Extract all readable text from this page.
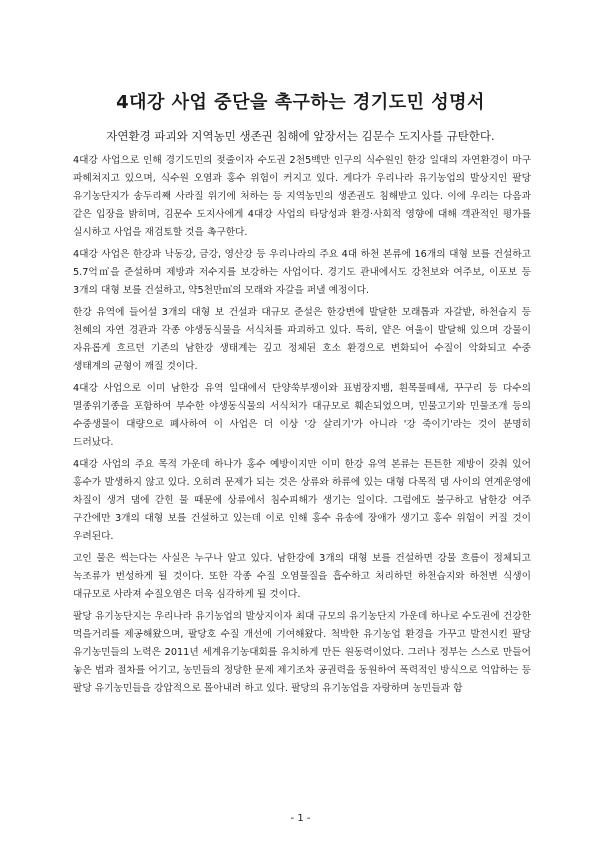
4대강 사업 중단을 촉구하는 경기도민 성명서

자연환경 파괴와 지역농민 생존권 침해에 앞장서는 김문수 도지사를 규탄한다.

4대강 사업으로 인해 경기도민의 젖줄이자 수도권 2천5백만 인구의 식수원인 한강 일대의 자연환경이 마구 파헤쳐지고 있으며, 식수원 오염과 홍수 위험이 커지고 있다. 게다가 우리나라 유기농업의 발상지인 팔당 유기농단지가 송두리째 사라질 위기에 처하는 등 지역농민의 생존권도 침해받고 있다. 이에 우리는 다음과 같은 입장을 밝히며, 김문수 도지사에게 4대강 사업의 타당성과 환경·사회적 영향에 대해 객관적인 평가를 실시하고 사업을 재검토할 것을 촉구한다.

4대강 사업은 한강과 낙동강, 금강, 영산강 등 우리나라의 주요 4대 하천 본류에 16개의 대형 보를 건설하고 5.7억㎥을 준설하며 제방과 저수지를 보강하는 사업이다. 경기도 관내에서도 강천보와 여주보, 이포보 등 3개의 대형 보를 건설하고, 약5천만㎥의 모래와 자갈을 퍼낼 예정이다.

한강 유역에 들어설 3개의 대형 보 건설과 대규모 준설은 한강변에 발달한 모래톱과 자갈밭, 하천습지 등 천혜의 자연 경관과 각종 야생동식물을 서식처를 파괴하고 있다. 특히, 얕은 여울이 발달해 있으며 강물이 자유롭게 흐르던 기존의 남한강 생태계는 깊고 정체된 호소 환경으로 변화되어 수질이 악화되고 수중 생태계의 균형이 깨질 것이다.

4대강 사업으로 이미 남한강 유역 일대에서 단양쑥부쟁이와 표범장지뱀, 흰목물떼새, 꾸구리 등 다수의 멸종위기종을 포함하여 부수한 야생동식물의 서식처가 대규모로 훼손되었으며, 민물고기와 민물조개 등의 수중생물이 대량으로 폐사하여 이 사업은 더 이상 '강 살리기'가 아니라 '강 죽이기'라는 것이 분명히 드러났다.

4대강 사업의 주요 목적 가운데 하나가 홍수 예방이지만 이미 한강 유역 본류는 튼튼한 제방이 갖춰 있어 홍수가 발생하지 않고 있다. 오히려 문제가 되는 것은 상류와 하류에 있는 대형 다목적 댐 사이의 연계운영에 차질이 생겨 댐에 갇힌 물 때문에 상류에서 침수피해가 생기는 일이다. 그럼에도 불구하고 남한강 여주 구간에만 3개의 대형 보를 건설하고 있는데 이로 인해 홍수 유송에 장애가 생기고 홍수 위험이 커질 것이 우려된다.

고인 물은 썩는다는 사실은 누구나 알고 있다. 남한강에 3개의 대형 보를 건설하면 강물 흐름이 정체되고 녹조류가 번성하게 될 것이다. 또한 각종 수질 오염물질을 흡수하고 처리하던 하천습지와 하천변 식생이 대규모로 사라져 수질오염은 더욱 심각하게 될 것이다.

팔당 유기농단지는 우리나라 유기농업의 발상지이자 최대 규모의 유기농단지 가운데 하나로 수도권에 건강한 먹을거리를 제공해왔으며, 팔당호 수질 개선에 기여해왔다. 척박한 유기농업 환경을 가꾸고 발전시킨 팔당 유기농민들의 노력은 2011년 세계유기농대회를 유치하게 만든 원동력이었다. 그러나 정부는 스스로 만들어 놓은 법과 절차를 어기고, 농민들의 정당한 문제 제기조차 공권력을 동원하여 폭력적인 방식으로 억압하는 등 팔당 유기농민들을 강압적으로 몰아내려 하고 있다. 팔당의 유기농업을 자랑하며 농민들과 함

- 1 -
